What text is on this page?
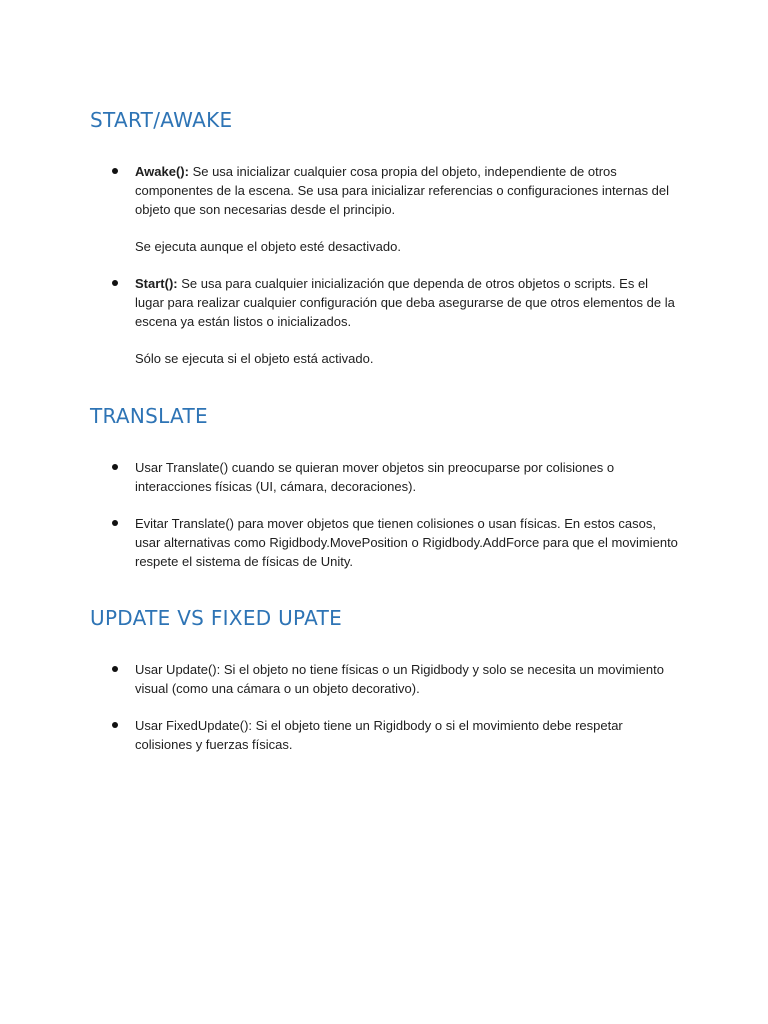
START/AWAKE
Awake(): Se usa inicializar cualquier cosa propia del objeto, independiente de otros componentes de la escena. Se usa para inicializar referencias o configuraciones internas del objeto que son necesarias desde el principio.
Se ejecuta aunque el objeto esté desactivado.
Start(): Se usa para cualquier inicialización que dependa de otros objetos o scripts. Es el lugar para realizar cualquier configuración que deba asegurarse de que otros elementos de la escena ya están listos o inicializados.
Sólo se ejecuta si el objeto está activado.
TRANSLATE
Usar Translate() cuando se quieran mover objetos sin preocuparse por colisiones o interacciones físicas (UI, cámara, decoraciones).
Evitar Translate() para mover objetos que tienen colisiones o usan físicas. En estos casos, usar alternativas como Rigidbody.MovePosition o Rigidbody.AddForce para que el movimiento respete el sistema de físicas de Unity.
UPDATE VS FIXED UPATE
Usar Update(): Si el objeto no tiene físicas o un Rigidbody y solo se necesita un movimiento visual (como una cámara o un objeto decorativo).
Usar FixedUpdate(): Si el objeto tiene un Rigidbody o si el movimiento debe respetar colisiones y fuerzas físicas.
